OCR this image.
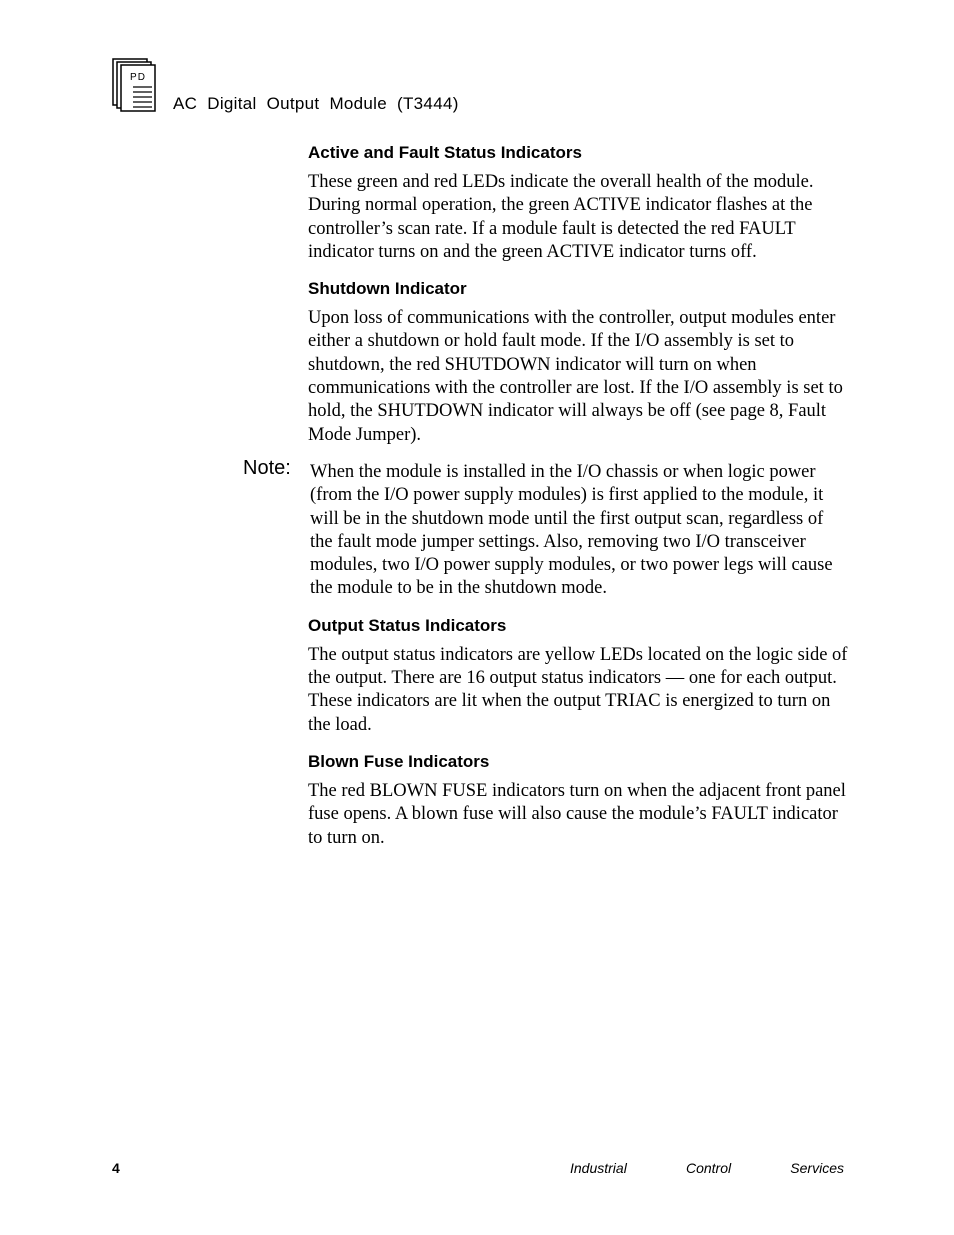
PD
AC Digital Output Module (T3444)
Active and Fault Status Indicators

These green and red LEDs indicate the overall health of the module. During normal operation, the green ACTIVE indicator flashes at the controller’s scan rate. If a module fault is detected the red FAULT indicator turns on and the green ACTIVE indicator turns off.

Shutdown Indicator

Upon loss of communications with the controller, output modules enter either a shutdown or hold fault mode. If the I/O assembly is set to shutdown, the red SHUTDOWN indicator will turn on when communications with the controller are lost. If the I/O assembly is set to hold, the SHUTDOWN indicator will always be off (see page 8, Fault Mode Jumper).

Note: When the module is installed in the I/O chassis or when logic power (from the I/O power supply modules) is first applied to the module, it will be in the shutdown mode until the first output scan, regardless of the fault mode jumper settings. Also, removing two I/O transceiver modules, two I/O power supply modules, or two power legs will cause the module to be in the shutdown mode.

Output Status Indicators

The output status indicators are yellow LEDs located on the logic side of the output. There are 16 output status indicators — one for each output. These indicators are lit when the output TRIAC is energized to turn on the load.

Blown Fuse Indicators

The red BLOWN FUSE indicators turn on when the adjacent front panel fuse opens. A blown fuse will also cause the module’s FAULT indicator to turn on.

4	Industrial	Control	Services
